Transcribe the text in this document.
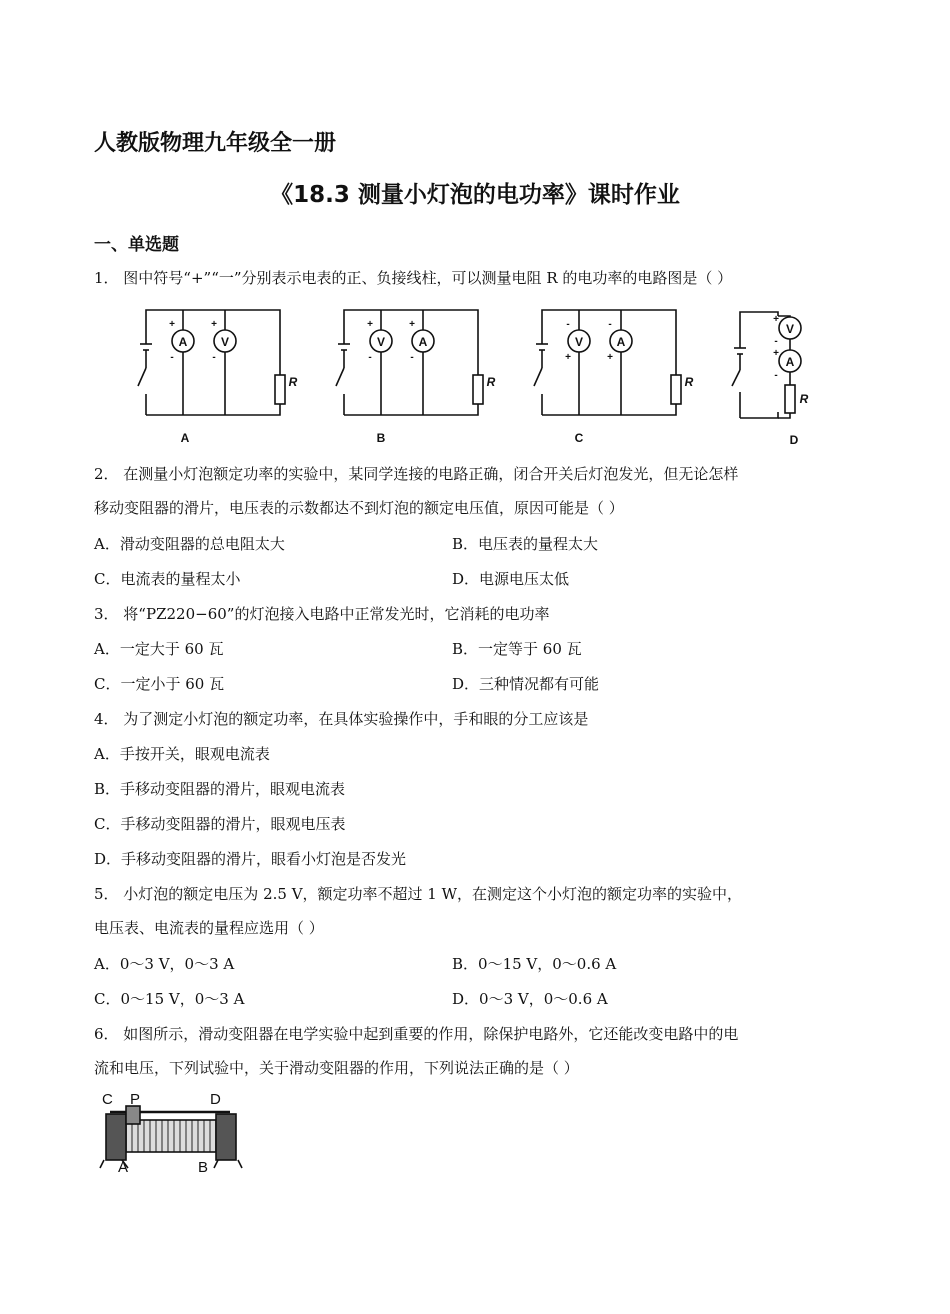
人教版物理九年级全一册
《18.3 测量小灯泡的电功率》课时作业
一、单选题
1． 图中符号“+”“一”分别表示电表的正、负接线柱，可以测量电阻 R 的电功率的电路图是（ ）
A	V
+
-
+
-
R
A
V	A
+
-
+
-
R
B
V	A
-
+
-
+
R
C
V
A
+
-
+
-
R
D
2． 在测量小灯泡额定功率的实验中，某同学连接的电路正确，闭合开关后灯泡发光，但无论怎样
移动变阻器的滑片，电压表的示数都达不到灯泡的额定电压值，原因可能是（ ）
A．滑动变阻器的总电阻太大	B．电压表的量程太大
C．电流表的量程太小	D．电源电压太低
3． 将“PZ220−60”的灯泡接入电路中正常发光时，它消耗的电功率
A．一定大于 60 瓦	B．一定等于 60 瓦
C．一定小于 60 瓦	D．三种情况都有可能
4． 为了测定小灯泡的额定功率，在具体实验操作中，手和眼的分工应该是
A．手按开关，眼观电流表
B．手移动变阻器的滑片，眼观电流表
C．手移动变阻器的滑片，眼观电压表
D．手移动变阻器的滑片，眼看小灯泡是否发光
5． 小灯泡的额定电压为 2.5 V，额定功率不超过 1 W，在测定这个小灯泡的额定功率的实验中，
电压表、电流表的量程应选用（ ）
A．0～3 V，0～3 A	B．0～15 V，0～0.6 A
C．0～15 V，0～3 A	D．0～3 V，0～0.6 A
6． 如图所示，滑动变阻器在电学实验中起到重要的作用，除保护电路外，它还能改变电路中的电
流和电压，下列试验中，关于滑动变阻器的作用，下列说法正确的是（ ）
C P	D
A	B
